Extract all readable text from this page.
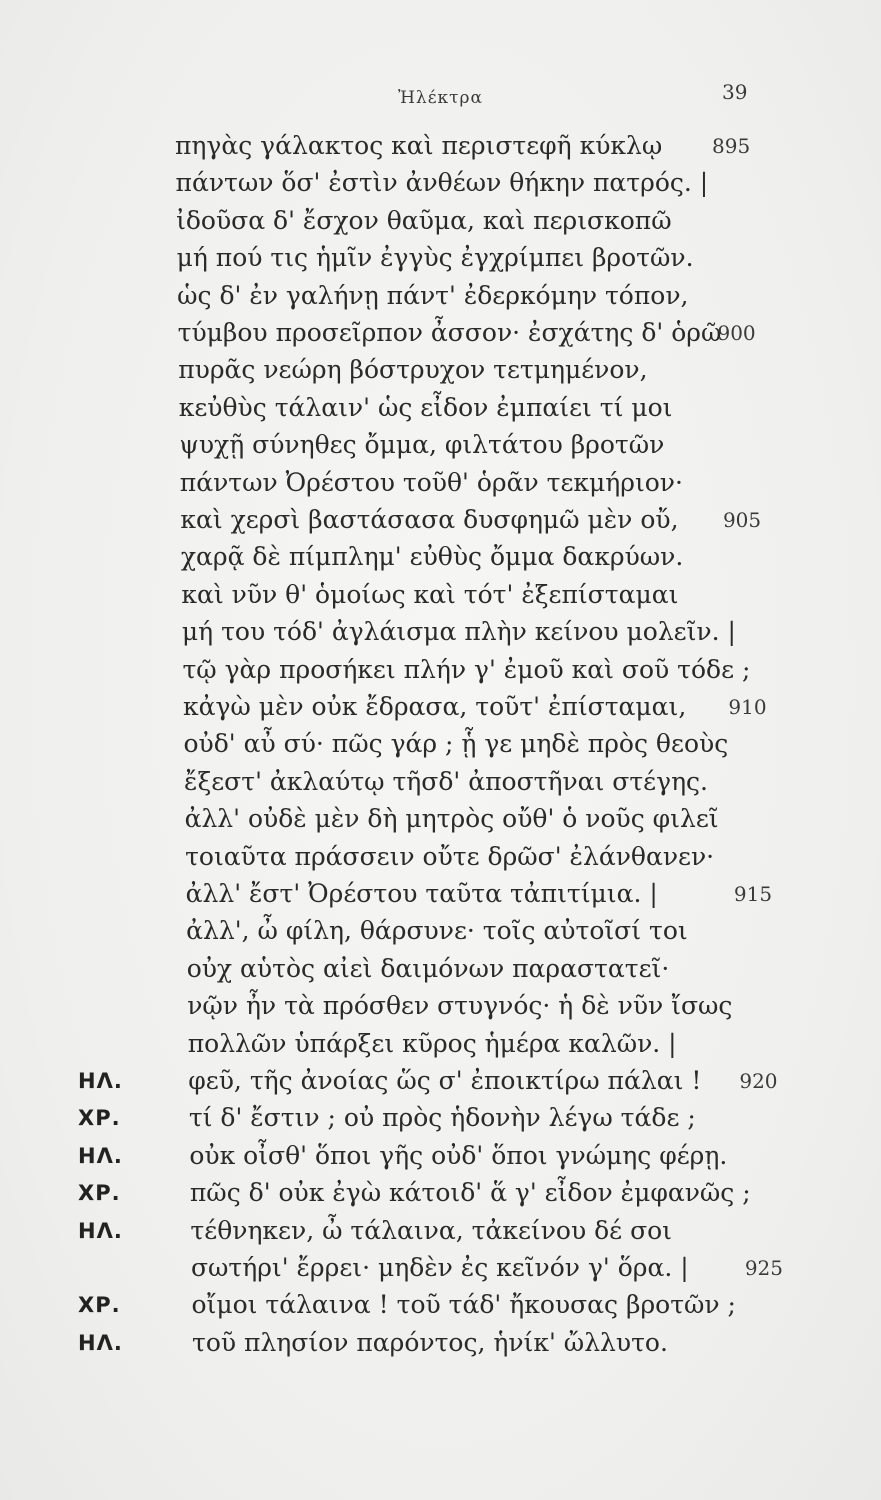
Ἠλέκτρα	39
πηγὰς γάλακτος καὶ περιστεφῆ κύκλῳ 895
πάντων ὅσ' ἐστὶν ἀνθέων θήκην πατρός. |
ἰδοῦσα δ' ἔσχον θαῦμα, καὶ περισκοπῶ
μή πού τις ἡμῖν ἐγγὺς ἐγχρίμπει βροτῶν.
ὡς δ' ἐν γαλήνῃ πάντ' ἐδερκόμην τόπον,
τύμβου προσεῖρπον ἆσσον· ἐσχάτης δ' ὁρῶ
900
πυρᾶς νεώρη βόστρυχον τετμημένον,
κεὐθὺς τάλαιν' ὡς εἶδον ἐμπαίει τί μοι
ψυχῇ σύνηθες ὄμμα, φιλτάτου βροτῶν
πάντων Ὀρέστου τοῦθ' ὁρᾶν τεκμήριον·
καὶ χερσὶ βαστάσασα δυσφημῶ μὲν οὔ, 905
χαρᾷ δὲ πίμπλημ' εὐθὺς ὄμμα δακρύων.
καὶ νῦν θ' ὁμοίως καὶ τότ' ἐξεπίσταμαι
μή του τόδ' ἀγλάισμα πλὴν κείνου μολεῖν. |
τῷ γὰρ προσήκει πλήν γ' ἐμοῦ καὶ σοῦ τόδε ;
κἀγὼ μὲν οὐκ ἔδρασα, τοῦτ' ἐπίσταμαι, 910
οὐδ' αὖ σύ· πῶς γάρ ; ᾗ γε μηδὲ πρὸς θεοὺς
ἔξεστ' ἀκλαύτῳ τῆσδ' ἀποστῆναι στέγης.
ἀλλ' οὐδὲ μὲν δὴ μητρὸς οὔθ' ὁ νοῦς φιλεῖ
τοιαῦτα πράσσειν οὔτε δρῶσ' ἐλάνθανεν·
ἀλλ' ἔστ' Ὀρέστου ταῦτα τἀπιτίμια. |	915
ἀλλ', ὦ φίλη, θάρσυνε· τοῖς αὐτοῖσί τοι
οὐχ αὑτὸς αἰεὶ δαιμόνων παραστατεῖ·
νῷν ἦν τὰ πρόσθεν στυγνός· ἡ δὲ νῦν ἴσως
πολλῶν ὑπάρξει κῦρος ἡμέρα καλῶν. |
ΗΛ.	φεῦ, τῆς ἀνοίας ὥς σ' ἐποικτίρω πάλαι ! 920
ΧΡ.	τί δ' ἔστιν ; οὐ πρὸς ἡδονὴν λέγω τάδε ;
ΗΛ.	οὐκ οἶσθ' ὅποι γῆς οὐδ' ὅποι γνώμης φέρῃ.
ΧΡ.	πῶς δ' οὐκ ἐγὼ κάτοιδ' ἅ γ' εἶδον ἐμφανῶς ;
ΗΛ.	τέθνηκεν, ὦ τάλαινα, τἀκείνου δέ σοι
σωτήρι' ἔρρει· μηδὲν ἐς κεῖνόν γ' ὅρα. |	925
ΧΡ.	οἴμοι τάλαινα ! τοῦ τάδ' ἤκουσας βροτῶν ;
ΗΛ.	τοῦ πλησίον παρόντος, ἡνίκ' ὤλλυτο.
